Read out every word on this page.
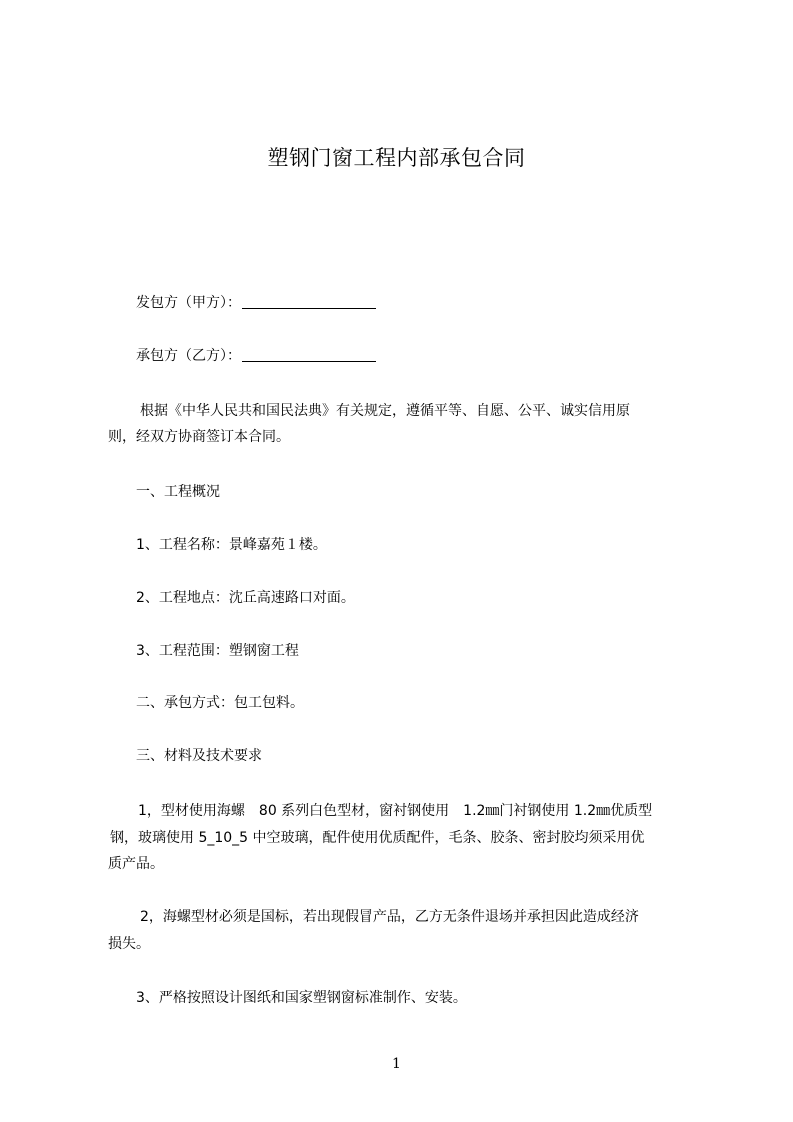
塑钢门窗工程内部承包合同
发包方（甲方）：
承包方（乙方）：
根据《中华人民共和国民法典》有关规定，遵循平等、自愿、公平、诚实信用原
则，经双方协商签订本合同。
一、工程概况
1、工程名称：景峰嘉苑１楼。
2、工程地点：沈丘高速路口对面。
3、工程范围：塑钢窗工程
二、承包方式：包工包料。
三、材料及技术要求
1，型材使用海螺　80 系列白色型材，窗衬钢使用　1.2㎜门衬钢使用 1.2㎜优质型
钢，玻璃使用 5_10_5 中空玻璃，配件使用优质配件，毛条、胶条、密封胶均须采用优
质产品。
2，海螺型材必须是国标，若出现假冒产品，乙方无条件退场并承担因此造成经济
损失。
3、严格按照设计图纸和国家塑钢窗标准制作、安装。
1
